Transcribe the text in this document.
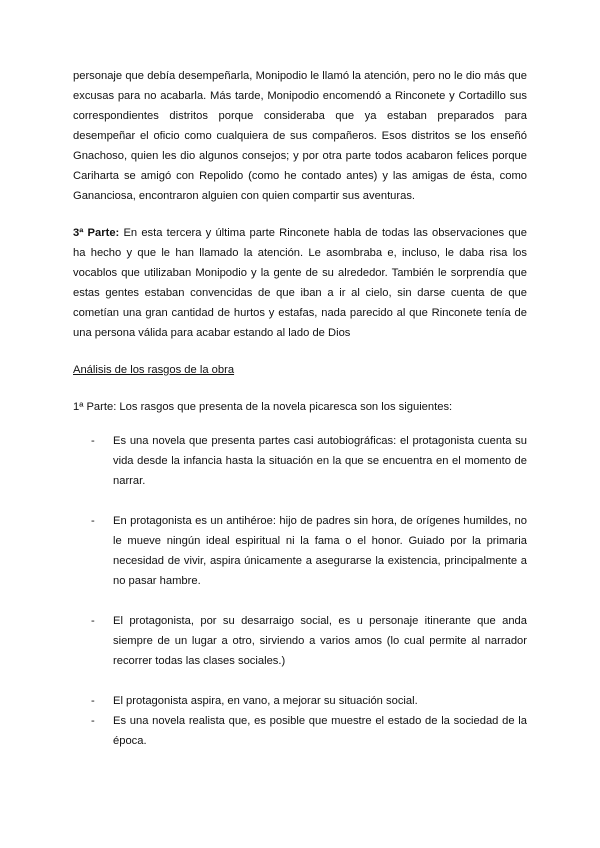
personaje que debía desempeñarla, Monipodio le llamó la atención, pero no le dio más que excusas para no acabarla. Más tarde, Monipodio encomendó a Rinconete y Cortadillo sus correspondientes distritos porque consideraba que ya estaban preparados para desempeñar el oficio como cualquiera de sus compañeros. Esos distritos se los enseñó Gnachoso, quien les dio algunos consejos; y por otra parte todos acabaron felices porque Cariharta se amigó con Repolido (como he contado antes) y las amigas de ésta, como Gananciosa, encontraron alguien con quien compartir sus aventuras.

3ª Parte: En esta tercera y última parte Rinconete habla de todas las observaciones que ha hecho y que le han llamado la atención. Le asombraba e, incluso, le daba risa los vocablos que utilizaban Monipodio y la gente de su alrededor. También le sorprendía que estas gentes estaban convencidas de que iban a ir al cielo, sin darse cuenta de que cometían una gran cantidad de hurtos y estafas, nada parecido al que Rinconete tenía de una persona válida para acabar estando al lado de Dios

Análisis de los rasgos de la obra

1ª Parte: Los rasgos que presenta de la novela picaresca son los siguientes:

- Es una novela que presenta partes casi autobiográficas: el protagonista cuenta su vida desde la infancia hasta la situación en la que se encuentra en el momento de narrar.
- En protagonista es un antihéroe: hijo de padres sin hora, de orígenes humildes, no le mueve ningún ideal espiritual ni la fama o el honor. Guiado por la primaria necesidad de vivir, aspira únicamente a asegurarse la existencia, principalmente a no pasar hambre.
- El protagonista, por su desarraigo social, es u personaje itinerante que anda siempre de un lugar a otro, sirviendo a varios amos (lo cual permite al narrador recorrer todas las clases sociales.)
- El protagonista aspira, en vano, a mejorar su situación social.
- Es una novela realista que, es posible que muestre el estado de la sociedad de la época.
